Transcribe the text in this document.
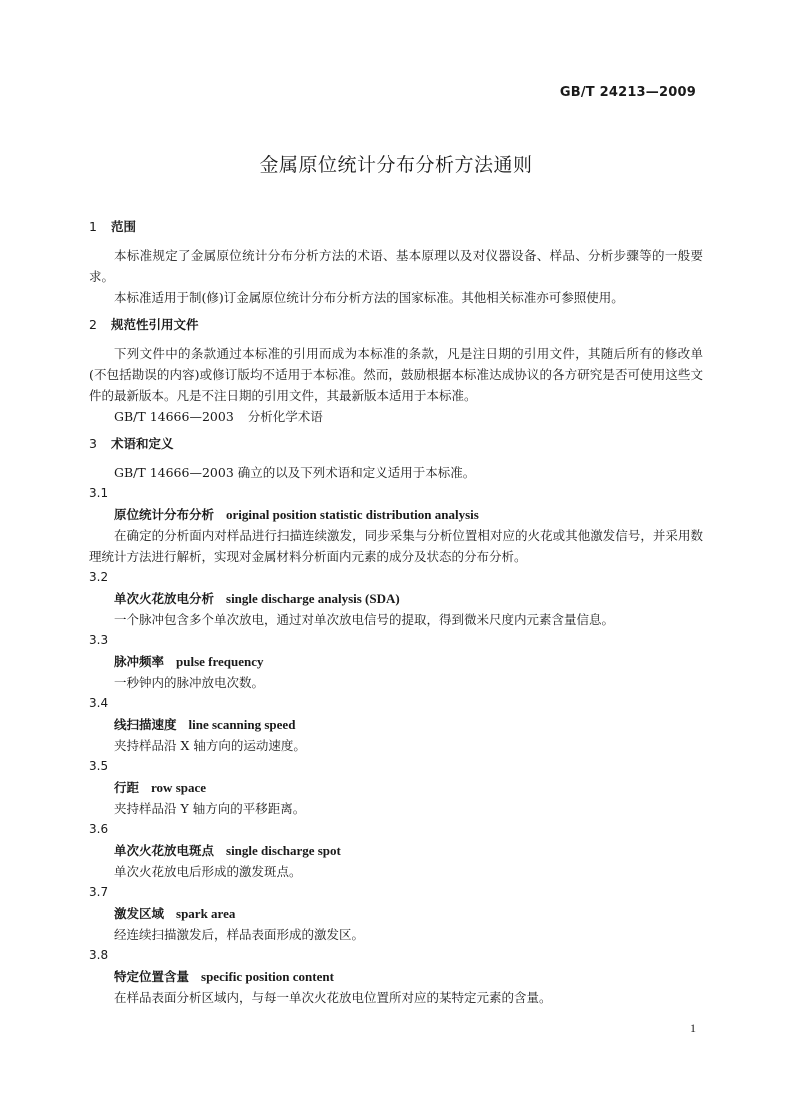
GB/T 24213—2009
金属原位统计分布分析方法通则
1 范围

本标准规定了金属原位统计分布分析方法的术语、基本原理以及对仪器设备、样品、分析步骤等的一般要求。

本标准适用于制(修)订金属原位统计分布分析方法的国家标准。其他相关标准亦可参照使用。

2 规范性引用文件

下列文件中的条款通过本标准的引用而成为本标准的条款，凡是注日期的引用文件，其随后所有的修改单(不包括勘误的内容)或修订版均不适用于本标准。然而，鼓励根据本标准达成协议的各方研究是否可使用这些文件的最新版本。凡是不注日期的引用文件，其最新版本适用于本标准。

GB/T 14666—2003 分析化学术语

3 术语和定义

GB/T 14666—2003 确立的以及下列术语和定义适用于本标准。

3.1
原位统计分布分析 original position statistic distribution analysis

在确定的分析面内对样品进行扫描连续激发，同步采集与分析位置相对应的火花或其他激发信号，并采用数理统计方法进行解析，实现对金属材料分析面内元素的成分及状态的分布分析。

3.2
单次火花放电分析 single discharge analysis (SDA)

一个脉冲包含多个单次放电，通过对单次放电信号的提取，得到微米尺度内元素含量信息。

3.3
脉冲频率 pulse frequency

一秒钟内的脉冲放电次数。

3.4
线扫描速度 line scanning speed

夹持样品沿 X 轴方向的运动速度。

3.5
行距 row space

夹持样品沿 Y 轴方向的平移距离。

3.6
单次火花放电斑点 single discharge spot

单次火花放电后形成的激发斑点。

3.7
激发区域 spark area

经连续扫描激发后，样品表面形成的激发区。

3.8
特定位置含量 specific position content

在样品表面分析区域内，与每一单次火花放电位置所对应的某特定元素的含量。

1
